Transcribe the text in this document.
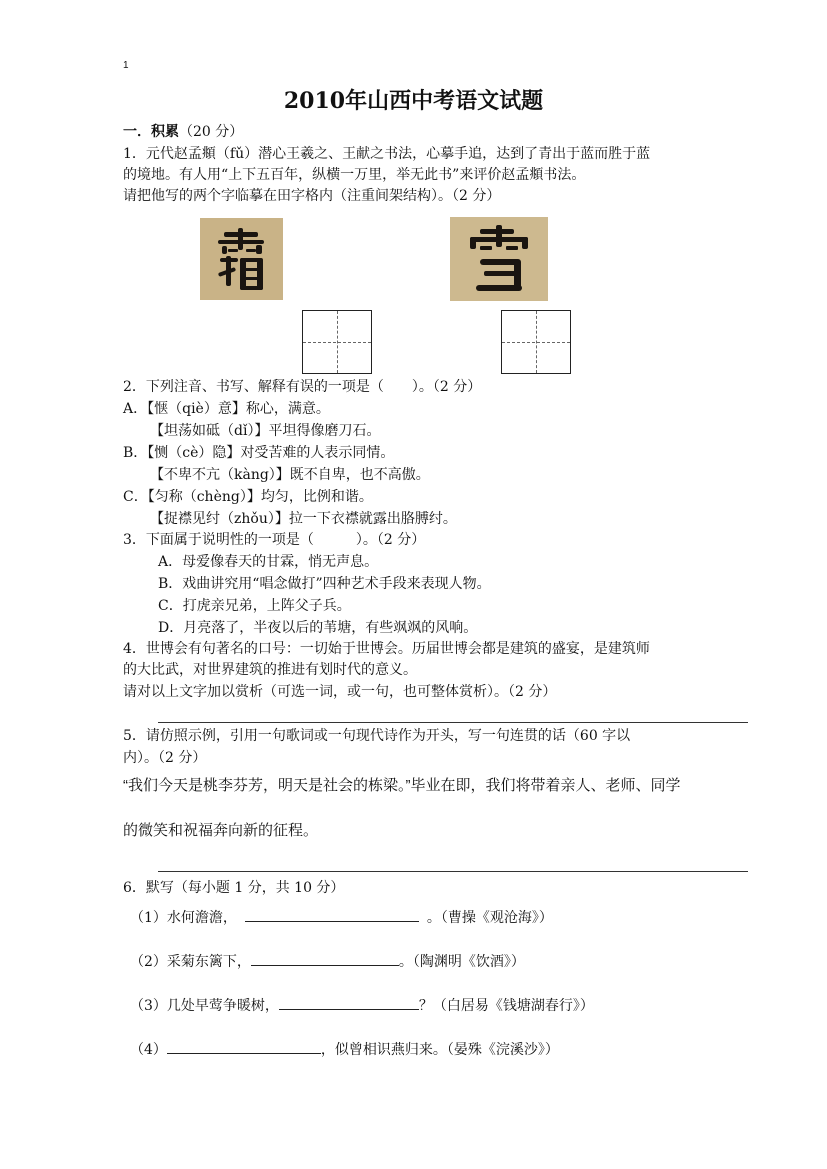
1
2010年山西中考语文试题
一．积累（20 分）
1．元代赵孟頫（fǔ）潜心王羲之、王献之书法，心摹手追，达到了青出于蓝而胜于蓝
的境地。有人用“上下五百年，纵横一万里，举无此书”来评价赵孟頫书法。
请把他写的两个字临摹在田字格内（注重间架结构）。（2 分）
2．下列注音、书写、解释有误的一项是（　　）。（2 分）
A．【惬（qiè）意】称心，满意。
【坦荡如砥（dǐ）】平坦得像磨刀石。
B．【恻（cè）隐】对受苦难的人表示同情。
【不卑不亢（kàng）】既不自卑，也不高傲。
C．【匀称（chèng）】均匀，比例和谐。
【捉襟见纣（zhǒu）】拉一下衣襟就露出胳膊纣。
3．下面属于说明性的一项是（　　　）。（2 分）
A．母爱像春天的甘霖，悄无声息。
B．戏曲讲究用“唱念做打”四种艺术手段来表现人物。
C．打虎亲兄弟，上阵父子兵。
D．月亮落了，半夜以后的苇塘，有些飒飒的风响。
4．世博会有句著名的口号：一切始于世博会。历届世博会都是建筑的盛宴，是建筑师
的大比武，对世界建筑的推进有划时代的意义。
请对以上文字加以赏析（可选一词，或一句，也可整体赏析）。（2 分）
5．请仿照示例，引用一句歌词或一句现代诗作为开头，写一句连贯的话（60 字以
内）。（2 分）
“我们今天是桃李芬芳，明天是社会的栋梁。”毕业在即，我们将带着亲人、老师、同学
的微笑和祝福奔向新的征程。
6．默写（每小题 1 分，共 10 分）
（1）水何澹澹，	。（曹操《观沧海》）
（2）采菊东篱下，	。（陶渊明《饮酒》）
（3）几处早莺争暖树，	？（白居易《钱塘湖春行》）
（4）	，似曾相识燕归来。（晏殊《浣溪沙》）
